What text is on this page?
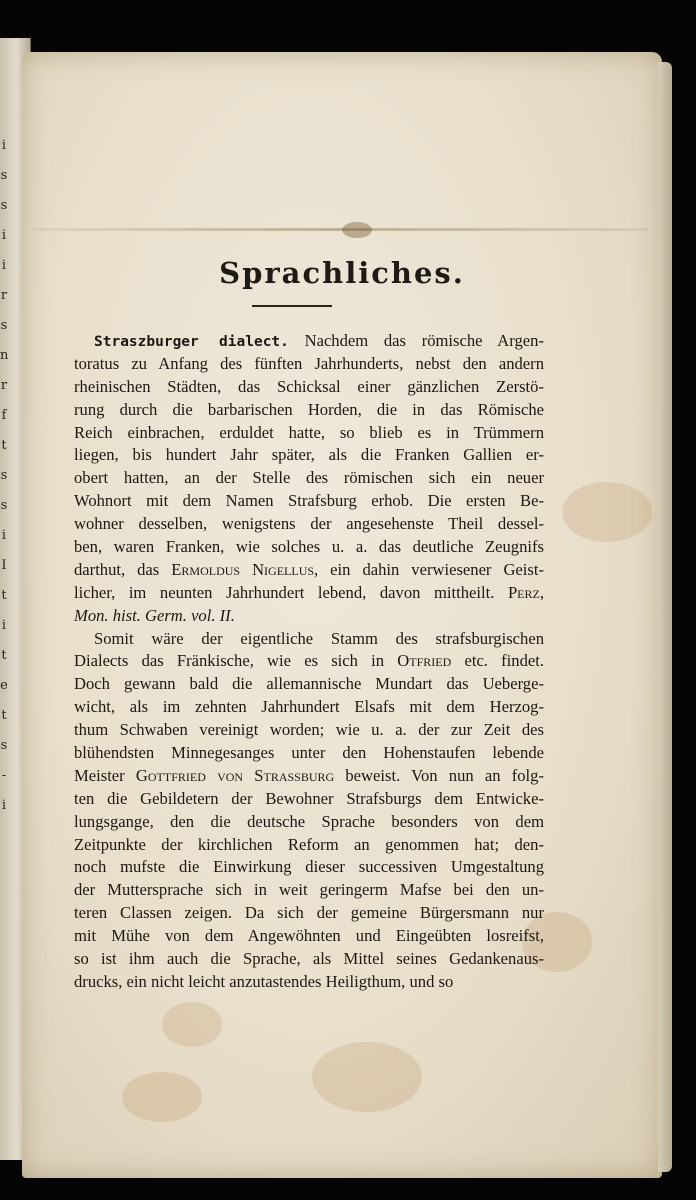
i
s
s
i
i
r
s
n
r
f
t
s
s
i
I
t
i
t
e
t
s
-
i
Sprachliches.
Straszburger dialect. Nachdem das römische Argen-
toratus zu Anfang des fünften Jahrhunderts, nebst den andern
rheinischen Städten, das Schicksal einer gänzlichen Zerstö-
rung durch die barbarischen Horden, die in das Römische
Reich einbrachen, erduldet hatte, so blieb es in Trümmern
liegen, bis hundert Jahr später, als die Franken Gallien er-
obert hatten, an der Stelle des römischen sich ein neuer
Wohnort mit dem Namen Strafsburg erhob. Die ersten Be-
wohner desselben, wenigstens der angesehenste Theil dessel-
ben, waren Franken, wie solches u. a. das deutliche Zeugnifs
darthut, das Ermoldus Nigellus, ein dahin verwiesener Geist-
licher, im neunten Jahrhundert lebend, davon mittheilt. Perz,
Mon. hist. Germ. vol. II.
Somit wäre der eigentliche Stamm des strafsburgischen
Dialects das Fränkische, wie es sich in Otfried etc. findet.
Doch gewann bald die allemannische Mundart das Uebergе-
wicht, als im zehnten Jahrhundert Elsafs mit dem Herzog-
thum Schwaben vereinigt worden; wie u. a. der zur Zeit des
blühendsten Minnegesanges unter den Hohenstaufen lebende
Meister Gottfried von Strassburg beweist. Von nun an folg-
ten die Gebildetern der Bewohner Strafsburgs dem Entwicke-
lungsgange, den die deutsche Sprache besonders von dem
Zeitpunkte der kirchlichen Reform an genommen hat; den-
noch mufste die Einwirkung dieser successiven Umgestaltung
der Muttersprache sich in weit geringerm Mafse bei den un-
teren Classen zeigen. Da sich der gemeine Bürgersmann nur
mit Mühe von dem Angewöhnten und Eingeübten losreifst,
so ist ihm auch die Sprache, als Mittel seines Gedankenaus-
drucks, ein nicht leicht anzutastendes Heiligthum, und so
